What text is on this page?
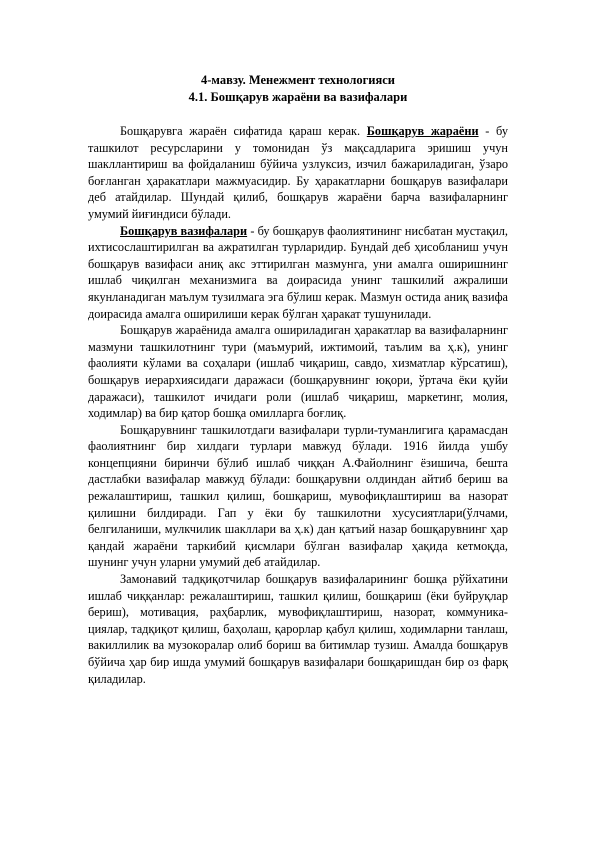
4-мавзу. Менежмент технологияси

4.1. Бошқарув жараёни ва вазифалари

Бошқарувга жараён сифатида қараш керак. Бошқарув жараёни - бу ташкилот ресурсларини у томонидан ўз мақсадларига эришиш учун шакллантириш ва фойдаланиш бўйича узлуксиз, изчил бажариладиган, ўзаро боғланган ҳаракатлари мажмуасидир. Бу ҳаракатларни бошқарув вазифалари деб атайдилар. Шундай қилиб, бошқарув жараёни барча вазифаларнинг умумий йиғиндиси бўлади.

Бошқарув вазифалари - бу бошқарув фаолиятининг нисбатан мустақил, ихтисослаштирилган ва ажратилган турларидир. Бундай деб ҳисобланиш учун бошқарув вазифаси аниқ акс эттирилган мазмунга, уни амалга оширишнинг ишлаб чиқилган механизмига ва доирасида унинг ташкилий ажралиши якунланадиган маълум тузилмага эга бўлиш керак. Мазмун остида аниқ вазифа доирасида амалга оширилиши керак бўлган ҳаракат тушунилади.

Бошқарув жараёнида амалга ошириладиган ҳаракатлар ва вазифаларнинг мазмуни ташкилотнинг тури (маъмурий, ижтимоий, таълим ва ҳ.к), унинг фаолияти кўлами ва соҳалари (ишлаб чиқариш, савдо, хизматлар кўрсатиш), бошқарув иерархиясидаги даражаси (бошқарувнинг юқори, ўртача ёки қуйи даражаси), ташкилот ичидаги роли (ишлаб чиқариш, маркетинг, молия, ходимлар) ва бир қатор бошқа омилларга боғлиқ.

Бошқарувнинг ташкилотдаги вазифалари турли-туманлигига қарамасдан фаолиятнинг бир хилдаги турлари мавжуд бўлади. 1916 йилда ушбу концепцияни биринчи бўлиб ишлаб чиққан А.Файолнинг ёзишича, бешта дастлабки вазифалар мавжуд бўлади: бошқарувни олдиндан айтиб бериш ва режалаштириш, ташкил қилиш, бошқариш, мувофиқлаштириш ва назорат қилишни билдиради. Гап у ёки бу ташкилотни хусусиятлари(ўлчами, белгиланиши, мулкчилик шакллари ва ҳ.к) дан қатъий назар бошқарувнинг ҳар қандай жараёни таркибий қисмлари бўлган вазифалар ҳақида кетмоқда, шунинг учун уларни умумий деб атайдилар.

Замонавий тадқиқотчилар бошқарув вазифаларининг бошқа рўйхатини ишлаб чиққанлар: режалаштириш, ташкил қилиш, бошқариш (ёки буйруқлар бериш), мотивация, раҳбарлик, мувофиқлаштириш, назорат, коммуника- циялар, тадқиқот қилиш, баҳолаш, қарорлар қабул қилиш, ходимларни танлаш, вакиллилик ва музокоралар олиб бориш ва битимлар тузиш. Амалда бошқарув бўйича ҳар бир ишда умумий бошқарув вазифалари бошқаришдан бир оз фарқ қиладилар.
